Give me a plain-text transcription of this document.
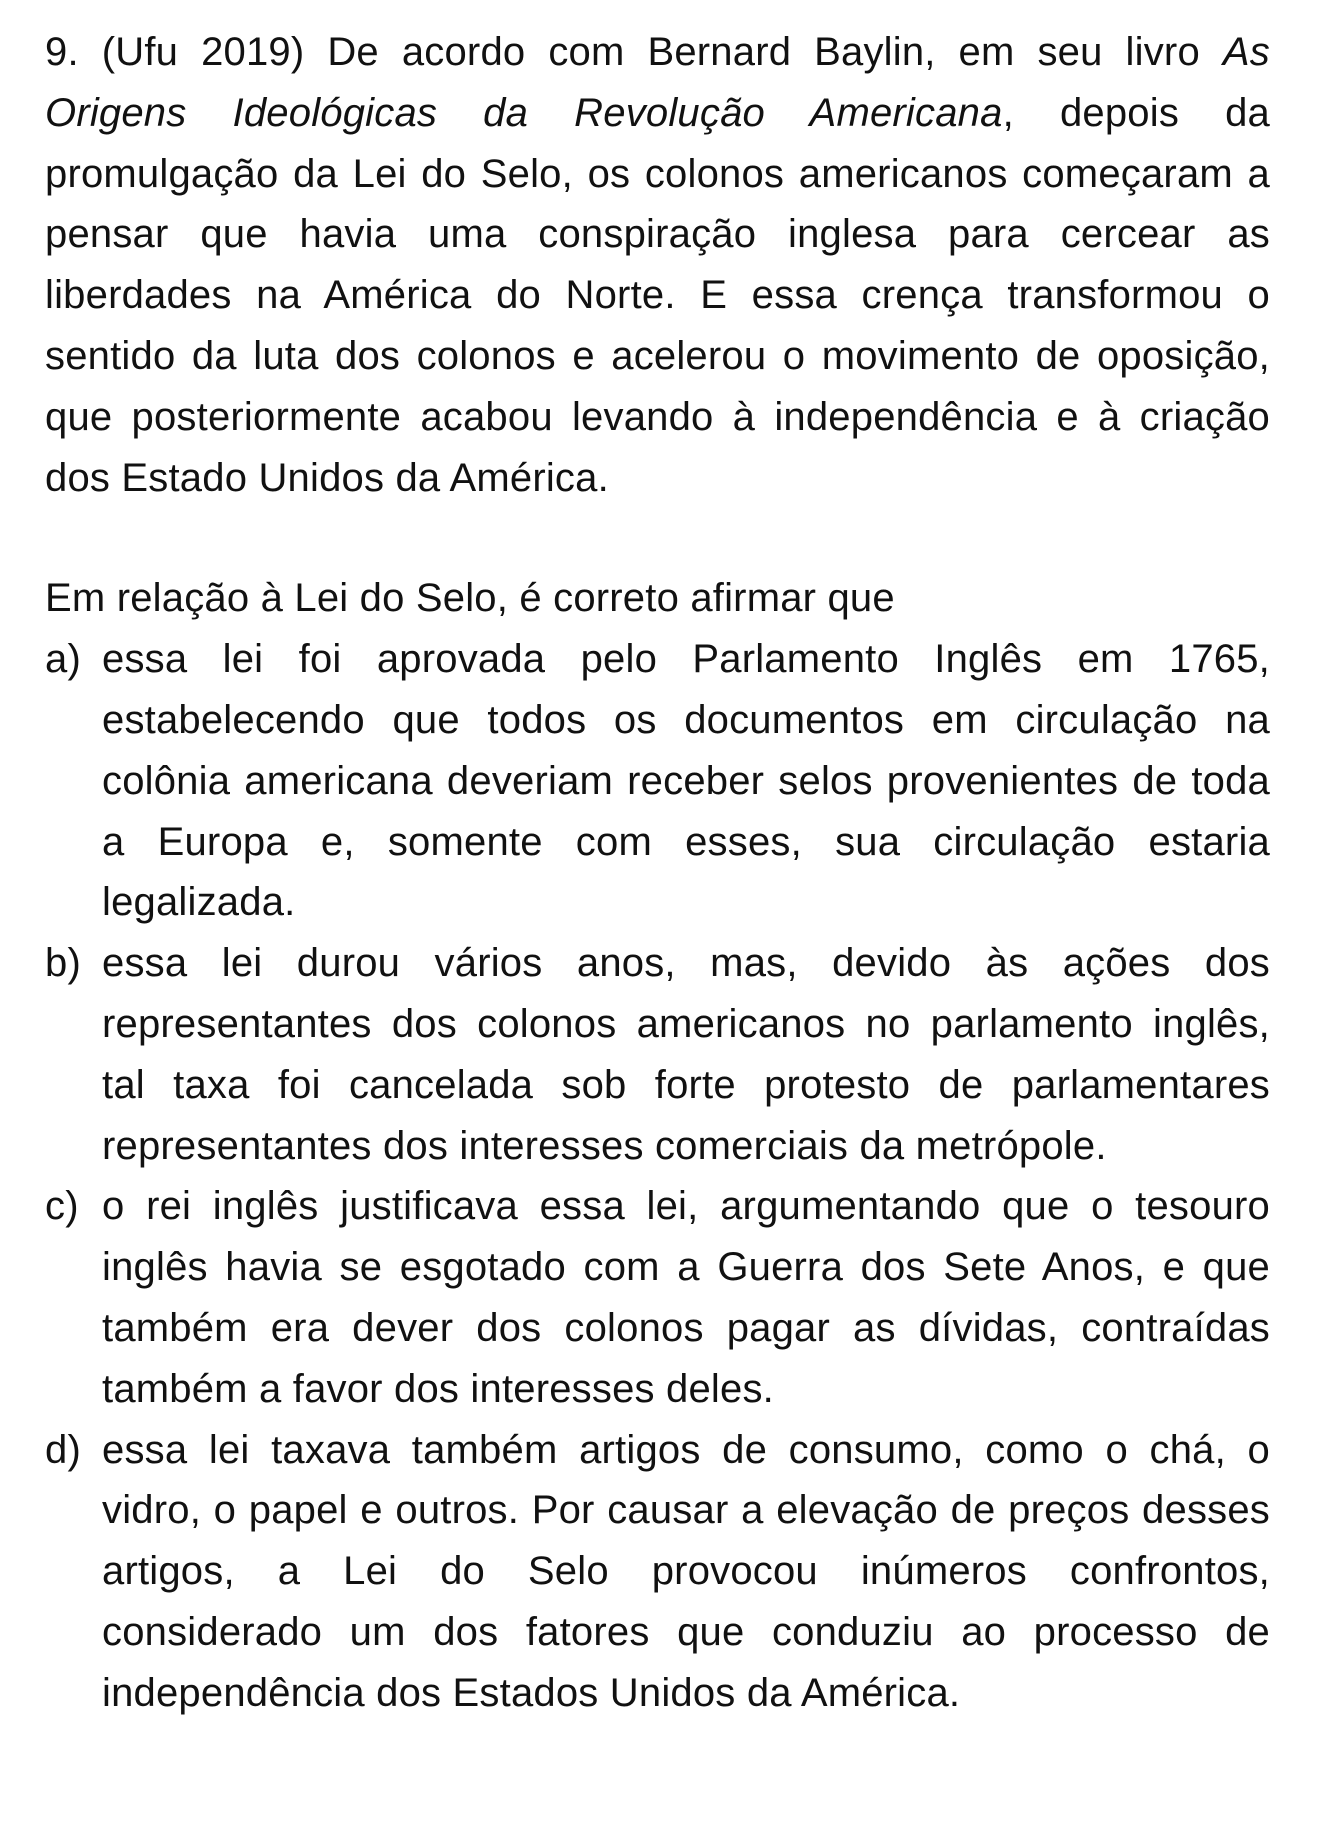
9. (Ufu 2019) De acordo com Bernard Baylin, em seu livro As Origens Ideológicas da Revolução Americana, depois da promulgação da Lei do Selo, os colonos americanos começaram a pensar que havia uma conspiração inglesa para cercear as liberdades na América do Norte. E essa crença transformou o sentido da luta dos colonos e acelerou o movimento de oposição, que posteriormente acabou levando à independência e à criação dos Estado Unidos da América.

Em relação à Lei do Selo, é correto afirmar que

a) essa lei foi aprovada pelo Parlamento Inglês em 1765, estabelecendo que todos os documentos em circulação na colônia americana deveriam receber selos provenientes de toda a Europa e, somente com esses, sua circulação estaria legalizada.
b) essa lei durou vários anos, mas, devido às ações dos representantes dos colonos americanos no parlamento inglês, tal taxa foi cancelada sob forte protesto de parlamentares representantes dos interesses comerciais da metrópole.
c) o rei inglês justificava essa lei, argumentando que o tesouro inglês havia se esgotado com a Guerra dos Sete Anos, e que também era dever dos colonos pagar as dívidas, contraídas também a favor dos interesses deles.
d) essa lei taxava também artigos de consumo, como o chá, o vidro, o papel e outros. Por causar a elevação de preços desses artigos, a Lei do Selo provocou inúmeros confrontos, considerado um dos fatores que conduziu ao processo de independência dos Estados Unidos da América.
